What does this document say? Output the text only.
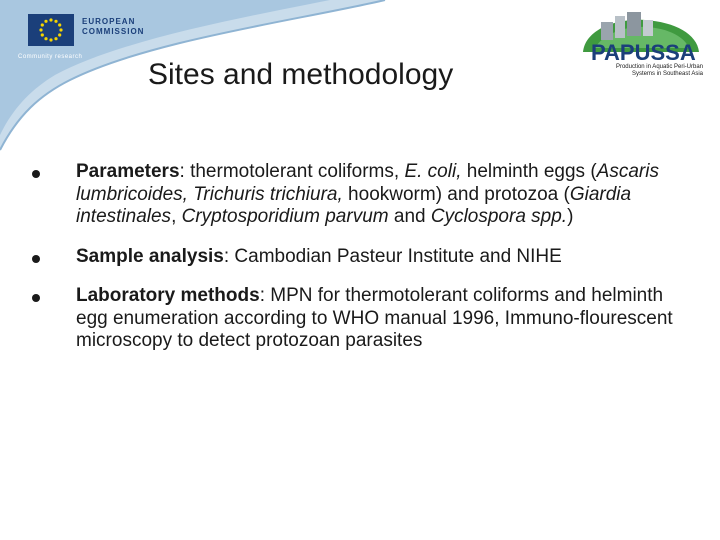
EUROPEAN
COMMISSION
Community research	PAPUSSA
Production in Aquatic Peri-Urban Systems in Southeast Asia
Sites and methodology
Parameters: thermotolerant coliforms, E. coli, helminth eggs (Ascaris lumbricoides, Trichuris trichiura, hookworm) and protozoa (Giardia intestinales, Cryptosporidium parvum and Cyclospora spp.)
Sample analysis: Cambodian Pasteur Institute and NIHE
Laboratory methods: MPN for thermotolerant coliforms and helminth egg enumeration according to WHO manual 1996, Immuno-flourescent microscopy to detect protozoan parasites
